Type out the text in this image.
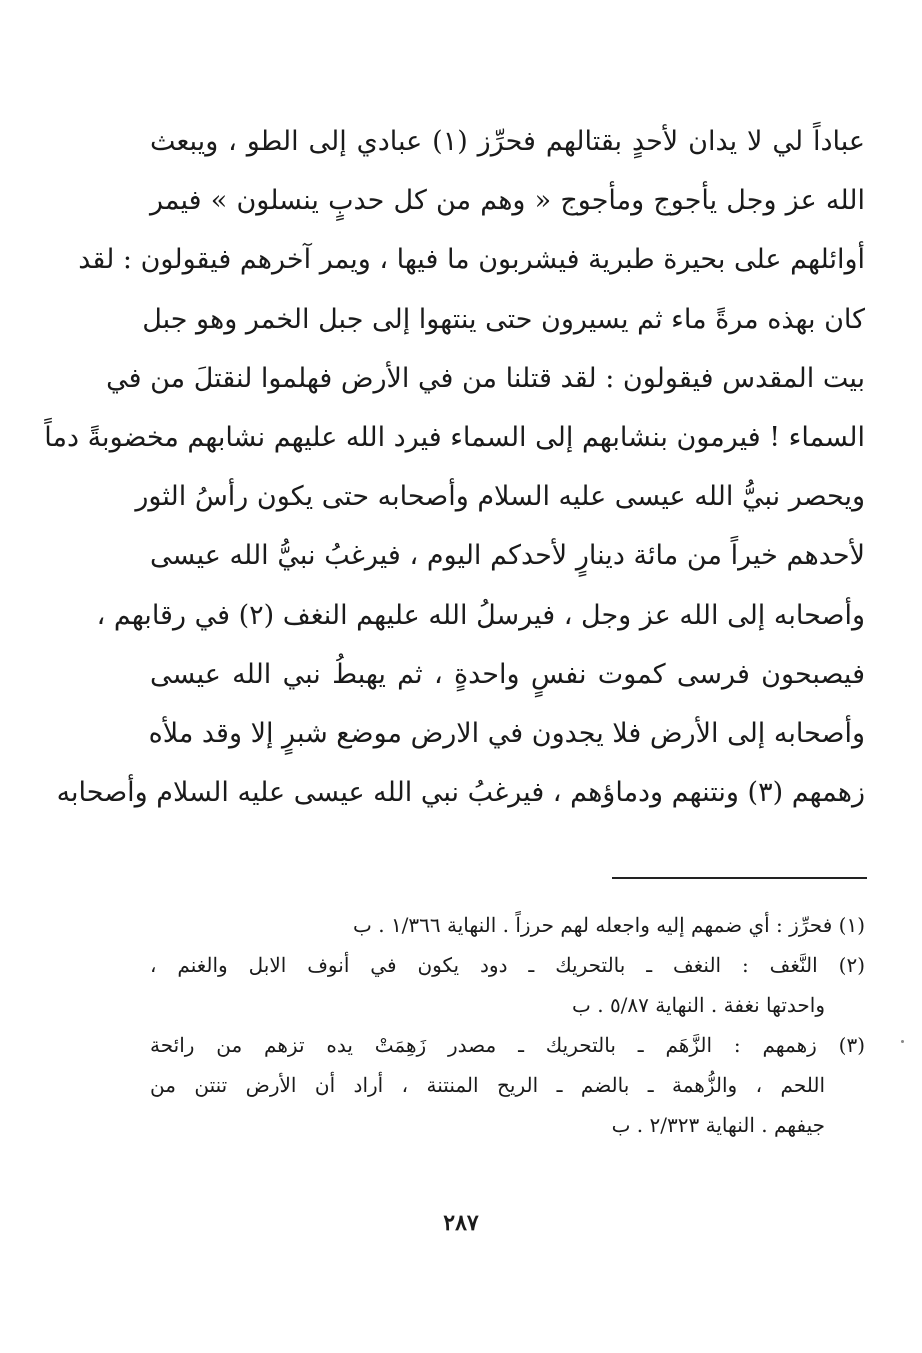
عباداً لي لا يدان لأحدٍ بقتالهم فحرِّز (١) عبادي إلى الطو ، ويبعث
الله عز وجل يأجوج ومأجوج « وهم من كل حدبٍ ينسلون » فيمر
أوائلهم على بحيرة طبرية فيشربون ما فيها ، ويمر آخرهم فيقولون : لقد
كان بهذه مرةً ماء ثم يسيرون حتى ينتهوا إلى جبل الخمر وهو جبل
بيت المقدس فيقولون : لقد قتلنا من في الأرض فهلموا لنقتلَ من في
السماء ! فيرمون بنشابهم إلى السماء فيرد الله عليهم نشابهم مخضوبةً دماً
ويحصر نبيُّ الله عيسى عليه السلام وأصحابه حتى يكون رأسُ الثور
لأحدهم خيراً من مائة دينارٍ لأحدكم اليوم ، فيرغبُ نبيُّ الله عيسى
وأصحابه إلى الله عز وجل ، فيرسلُ الله عليهم النغف (٢) في رقابهم ،
فيصبحون فرسى كموت نفسٍ واحدةٍ ، ثم يهبطُ نبي الله عيسى
وأصحابه إلى الأرض فلا يجدون في الارض موضع شبرٍ إلا وقد ملأه
زهمهم (٣) ونتنهم ودماؤهم ، فيرغبُ نبي الله عيسى عليه السلام وأصحابه
(١) فحرِّز : أي ضمهم إليه واجعله لهم حرزاً . النهاية ١/٣٦٦ . ب
(٢) النَّغف : النغف ـ بالتحريك ـ دود يكون في أنوف الابل والغنم ،
واحدتها نغفة . النهاية ٥/٨٧ . ب
(٣) زهمهم : الزَّهَم ـ بالتحريك ـ مصدر زَهِمَتْ يده تزهم من رائحة
اللحم ، والزُّهمة ـ بالضم ـ الريح المنتنة ، أراد أن الأرض تنتن من
جيفهم . النهاية ٢/٣٢٣ . ب
٢٨٧
